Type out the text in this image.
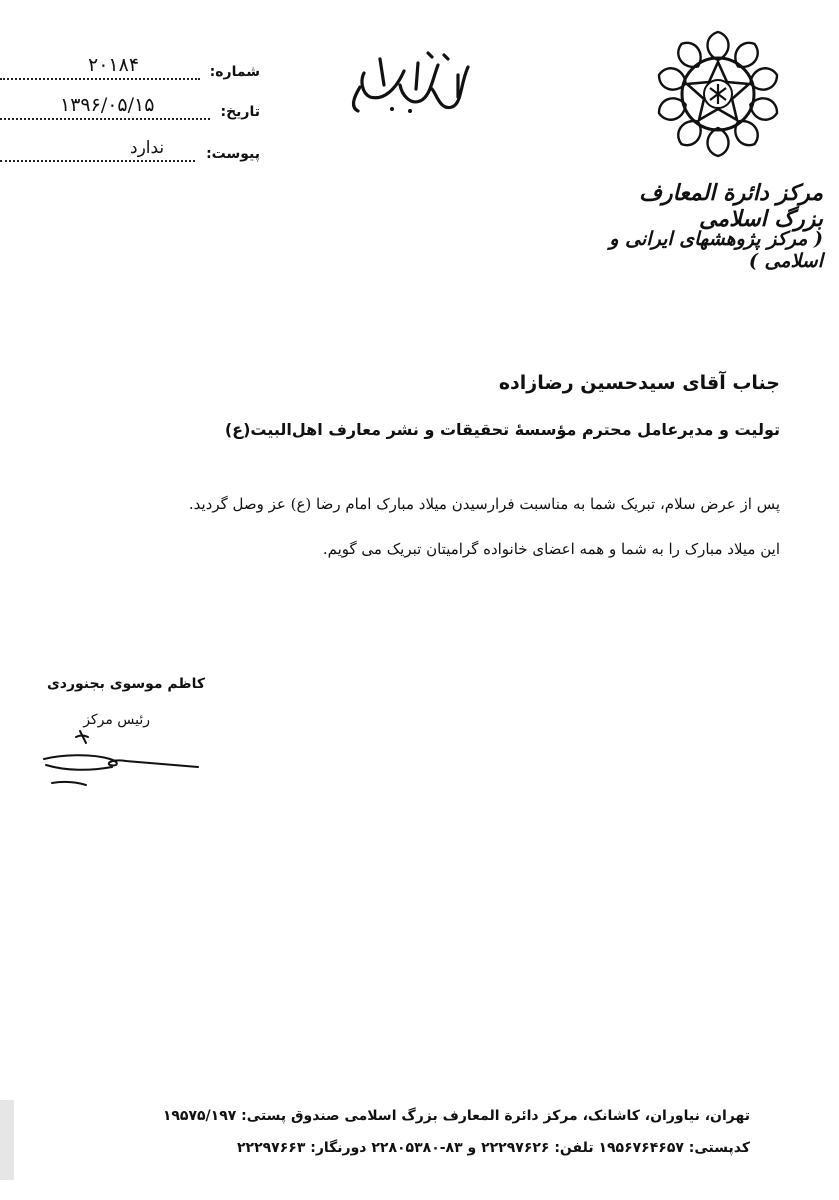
۲۰۱۸۴	شماره:
۱۳۹۶/۰۵/۱۵	تاریخ:
ندارد	پیوست:
مرکز دائرة المعارف بزرگ اسلامی
( مرکز پژوهشهای ایرانی و اسلامی )
جناب آقای سیدحسین رضازاده
تولیت و مدیرعامل محترم مؤسسهٔ تحقیقات و نشر معارف اهل‌البیت(ع)
پس از عرض سلام، تبریک شما به مناسبت فرارسیدن میلاد مبارک امام رضا (ع) عز وصل گردید.
این میلاد مبارک را به شما و همه اعضای خانواده گرامیتان تبریک می گویم.
کاظم موسوی بجنوردی
رئیس مرکز
تهران، نیاوران، کاشانک، مرکز دائرة المعارف بزرگ اسلامی صندوق پستی: ۱۹۵۷۵/۱۹۷
کدپستی: ۱۹۵۶۷۶۴۶۵۷ تلفن: ۲۲۲۹۷۶۲۶ و ۸۳-۲۲۸۰۵۳۸۰ دورنگار: ۲۲۲۹۷۶۶۳
